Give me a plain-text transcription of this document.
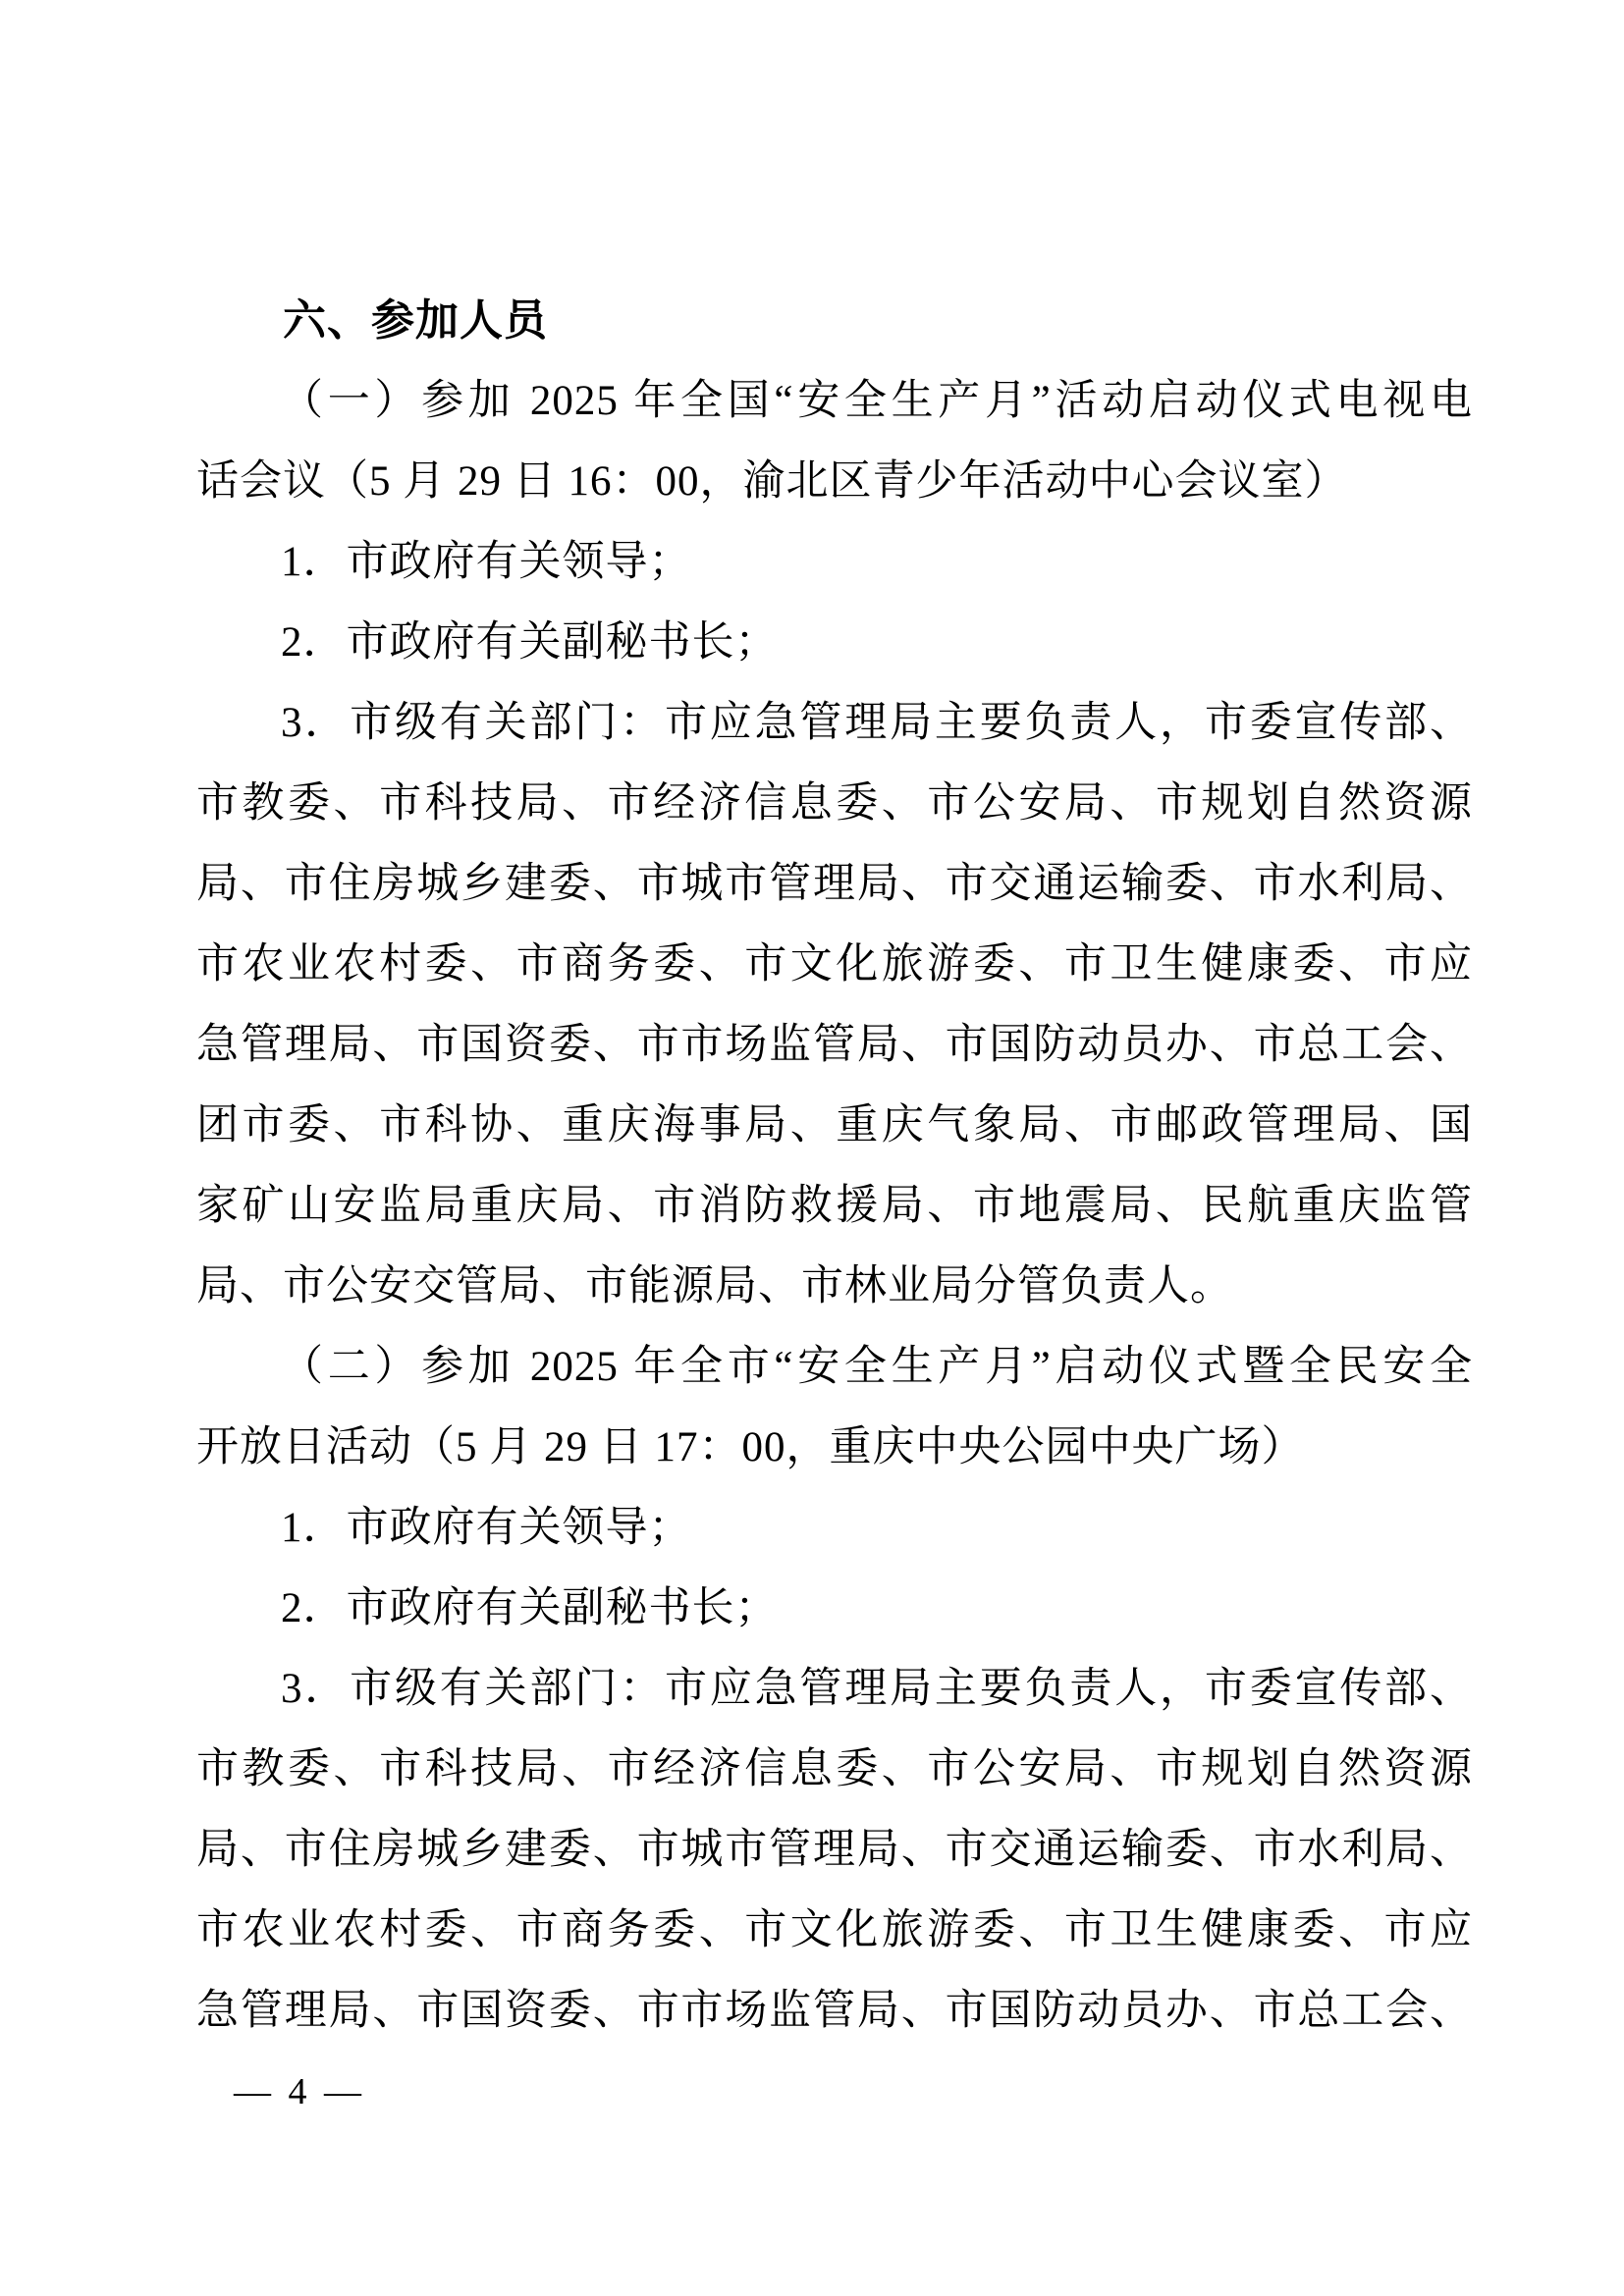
六、参加人员
（一）参加 2025 年全国“安全生产月”活动启动仪式电视电
话会议（5 月 29 日 16：00，渝北区青少年活动中心会议室）
1．市政府有关领导；
2．市政府有关副秘书长；
3．市级有关部门：市应急管理局主要负责人，市委宣传部、
市教委、市科技局、市经济信息委、市公安局、市规划自然资源
局、市住房城乡建委、市城市管理局、市交通运输委、市水利局、
市农业农村委、市商务委、市文化旅游委、市卫生健康委、市应
急管理局、市国资委、市市场监管局、市国防动员办、市总工会、
团市委、市科协、重庆海事局、重庆气象局、市邮政管理局、国
家矿山安监局重庆局、市消防救援局、市地震局、民航重庆监管
局、市公安交管局、市能源局、市林业局分管负责人。
（二）参加 2025 年全市“安全生产月”启动仪式暨全民安全
开放日活动（5 月 29 日 17：00，重庆中央公园中央广场）
1．市政府有关领导；
2．市政府有关副秘书长；
3．市级有关部门：市应急管理局主要负责人，市委宣传部、
市教委、市科技局、市经济信息委、市公安局、市规划自然资源
局、市住房城乡建委、市城市管理局、市交通运输委、市水利局、
市农业农村委、市商务委、市文化旅游委、市卫生健康委、市应
急管理局、市国资委、市市场监管局、市国防动员办、市总工会、
— 4 —
